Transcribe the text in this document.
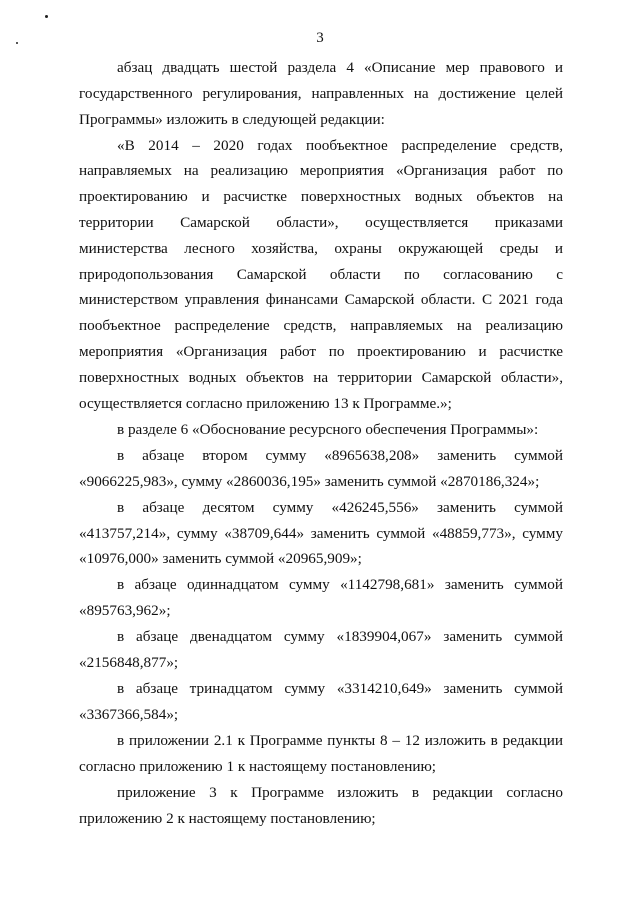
3

абзац двадцать шестой раздела 4 «Описание мер правового и государственного регулирования, направленных на достижение целей Программы» изложить в следующей редакции:

«В 2014 – 2020 годах пообъектное распределение средств, направляемых на реализацию мероприятия «Организация работ по проектированию и расчистке поверхностных водных объектов на территории Самарской области», осуществляется приказами министерства лесного хозяйства, охраны окружающей среды и природопользования Самарской области по согласованию с министерством управления финансами Самарской области. С 2021 года пообъектное распределение средств, направляемых на реализацию мероприятия «Организация работ по проектированию и расчистке поверхностных водных объектов на территории Самарской области», осуществляется согласно приложению 13 к Программе.»;

в разделе 6 «Обоснование ресурсного обеспечения Программы»:

в абзаце втором сумму «8965638,208» заменить суммой «9066225,983», сумму «2860036,195» заменить суммой «2870186,324»;

в абзаце десятом сумму «426245,556» заменить суммой «413757,214», сумму «38709,644» заменить суммой «48859,773», сумму «10976,000» заменить суммой «20965,909»;

в абзаце одиннадцатом сумму «1142798,681» заменить суммой «895763,962»;

в абзаце двенадцатом сумму «1839904,067» заменить суммой «2156848,877»;

в абзаце тринадцатом сумму «3314210,649» заменить суммой «3367366,584»;

в приложении 2.1 к Программе пункты 8 – 12 изложить в редакции согласно приложению 1 к настоящему постановлению;

приложение 3 к Программе изложить в редакции согласно приложению 2 к настоящему постановлению;
